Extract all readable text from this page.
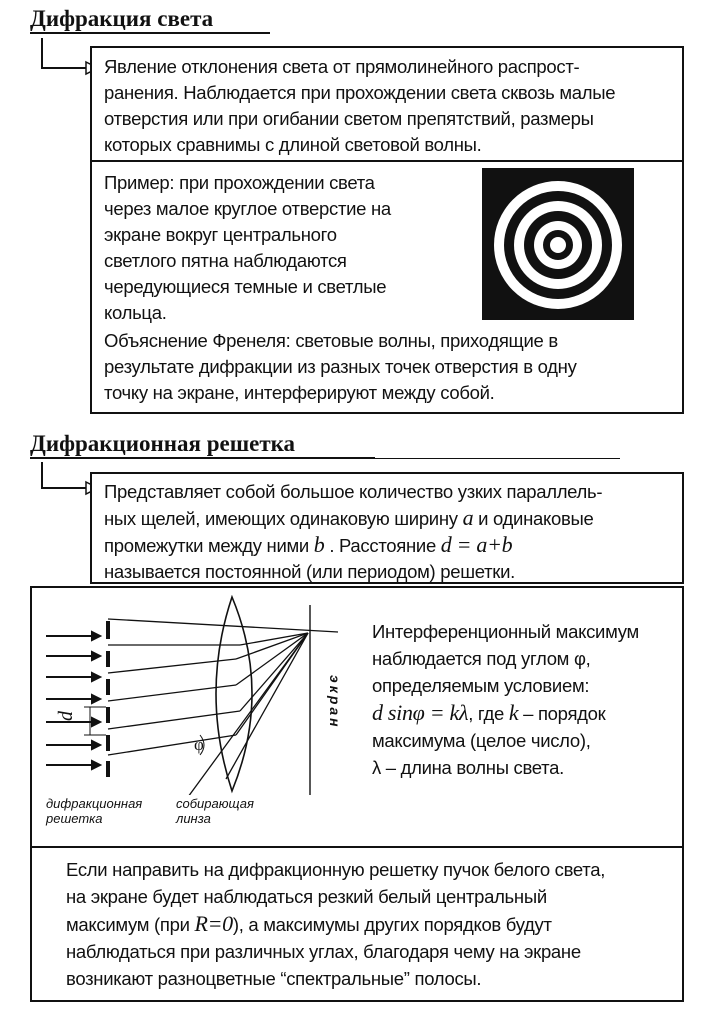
Дифракция света
Явление отклонения света от прямолинейного распрост-
ранения. Наблюдается при прохождении света сквозь малые
отверстия или при огибании светом препятствий, размеры
которых сравнимы с длиной световой волны.
Пример: при прохождении света
через малое круглое отверстие на
экране вокруг центрального
светлого пятна наблюдаются
чередующиеся темные и светлые
кольца.
Объяснение Френеля: световые волны, приходящие в
результате дифракции из разных точек отверстия в одну
точку на экране, интерферируют между собой.
Дифракционная решетка
Представляет собой большое количество узких параллель-
ных щелей, имеющих одинаковую ширину a и одинаковые
промежутки между ними b . Расстояние d = a+b
называется постоянной (или периодом) решетки.
d
φ
экран
дифракционная
решетка
собирающая
линза
Интерференционный максимум
наблюдается под углом φ,
определяемым условием:
d sinφ = kλ, где k – порядок
максимума (целое число),
λ – длина волны света.
Если направить на дифракционную решетку пучок белого света,
на экране будет наблюдаться резкий белый центральный
максимум (при R=0), а максимумы других порядков будут
наблюдаться при различных углах, благодаря чему на экране
возникают разноцветные “спектральные” полосы.
